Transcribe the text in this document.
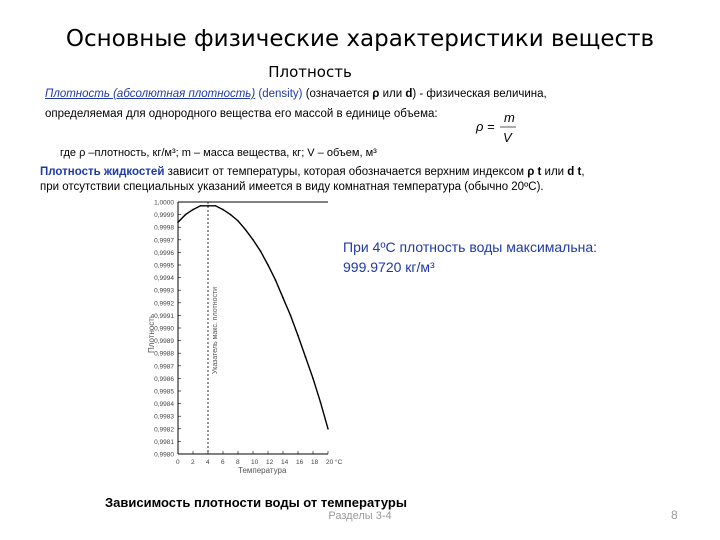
Основные физические характеристики веществ
Плотность
Плотность (абсолютная плотность) (density) (означается ρ или d) - физическая величина,
определяемая для однородного вещества его массой в единице объема:
ρ =
m
V
где ρ –плотность, кг/м³; m – масса вещества, кг; V – объем, м³
Плотность жидкостей зависит от температуры, которая обозначается верхним индексом ρ t или d t,
при отсутствии специальных указаний имеется в виду комнатная температура (обычно 20ºС).
1,0000
0,9999
0,9998
0,9997
0,9996
0,9995
0,9994
0,9993
0,9992
0,9991
0,9990
0,9989
0,9988
0,9987
0,9986
0,9985
0,9984
0,9983
0,9982
0,9981
0,9980
0 2 4 6 8 10 12 14 16 18 20 °C
Указатель макс. плотности
Плотность
Температура
При 4ºС плотность воды максимальна:
999.9720 кг/м³
Зависимость плотности воды от температуры
Разделы 3-4	8
